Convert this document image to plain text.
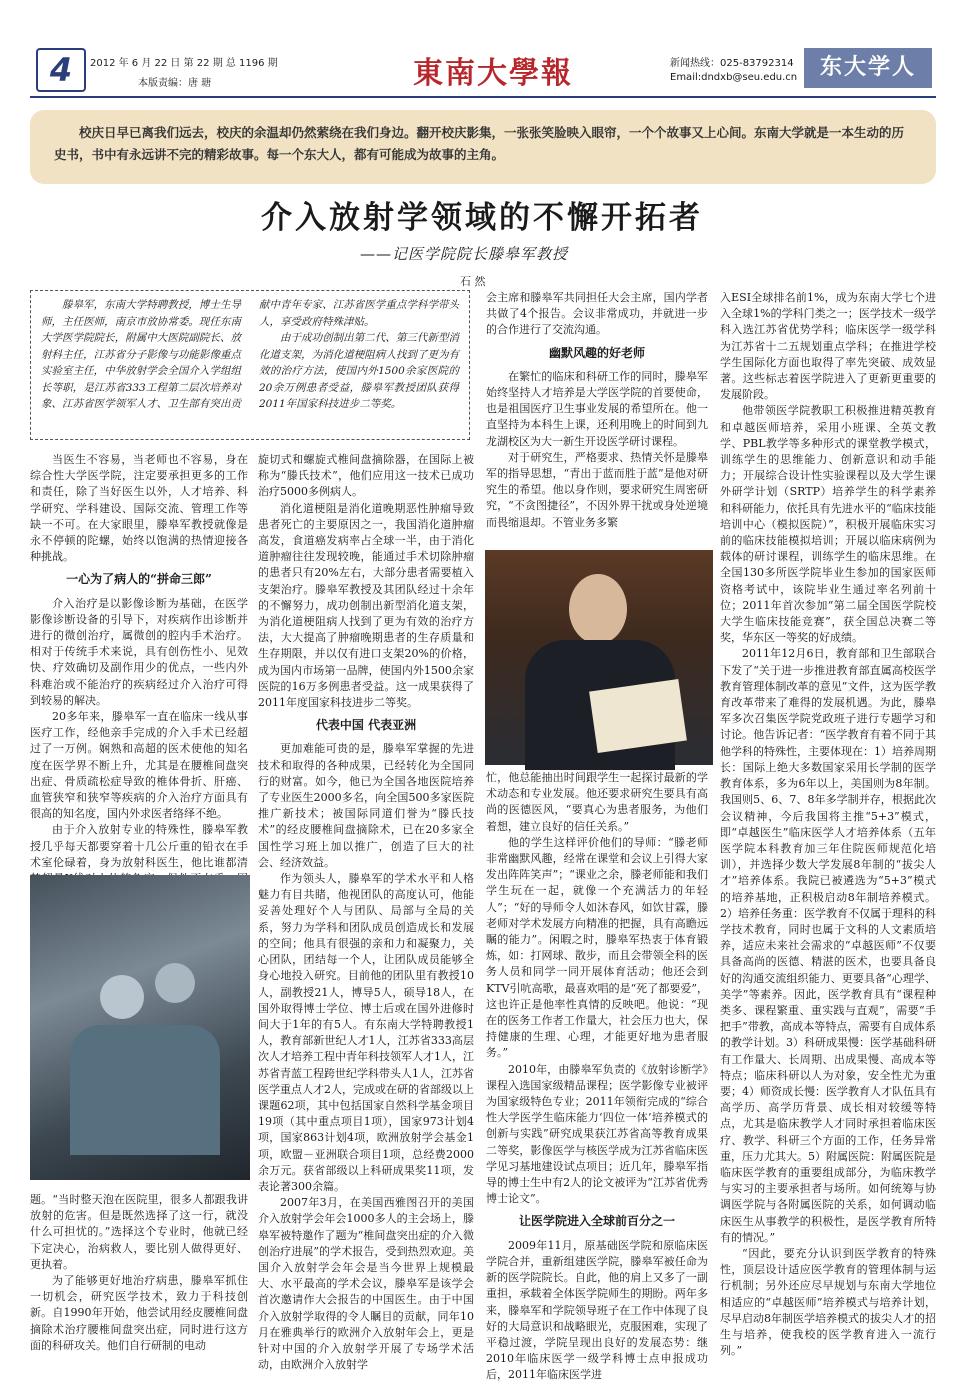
4	2012 年 6 月 22 日 第 22 期 总 1196 期
本版责编：唐 瑭	東南大學報	新闻热线：025-83792314
Email:dndxb@seu.edu.cn	东大学人
校庆日早已离我们远去，校庆的余温却仍然萦绕在我们身边。翻开校庆影集，一张张笑脸映入眼帘，一个个故事又上心间。东南大学就是一本生动的历史书，书中有永远讲不完的精彩故事。每一个东大人，都有可能成为故事的主角。
介入放射学领域的不懈开拓者
——记医学院院长滕皋军教授
石 然

滕皋军，东南大学特聘教授，博士生导师，主任医师，南京市放协常委。现任东南大学医学院院长，附属中大医院副院长、放射科主任，江苏省分子影像与功能影像重点实验室主任，中华放射学会全国介入学组组长等职，是江苏省333工程第二层次培养对象、江苏省医学领军人才、卫生部有突出贡献中青年专家、江苏省医学重点学科学带头人，享受政府特殊津贴。

由于成功创制出第二代、第三代新型消化道支架，为消化道梗阻病人找到了更为有效的治疗方法，使国内外1500余家医院的20余万例患者受益，滕皋军教授团队获得2011年国家科技进步二等奖。

当医生不容易，当老师也不容易，身在综合性大学医学院，注定要承担更多的工作和责任，除了当好医生以外，人才培养、科学研究、学科建设、国际交流、管理工作等缺一不可。在大家眼里，滕皋军教授就像是永不停顿的陀螺，始终以饱满的热情迎接各种挑战。

一心为了病人的“拼命三郎”

介入治疗是以影像诊断为基础，在医学影像诊断设备的引导下，对疾病作出诊断并进行的微创治疗，属微创的腔内手术治疗。相对于传统手术来说，具有创伤性小、见效快、疗效确切及副作用少的优点，一些内外科难治或不能治疗的疾病经过介入治疗可得到较易的解决。

20多年来，滕皋军一直在临床一线从事医疗工作，经他亲手完成的介入手术已经超过了一万例。娴熟和高超的医术使他的知名度在医学界不断上升，尤其是在腰椎间盘突出症、骨质疏松症导致的椎体骨折、肝癌、血管狭窄和狭窄等疾病的介入治疗方面具有很高的知名度，国内外求医者络绎不绝。

由于介入放射专业的特殊性，滕皋军教授几乎每天都要穿着十几公斤重的铅衣在手术室伦碌着，身为放射科医生，他比谁都清

题。“当时整天泡在医院里，很多人都跟我讲放射的危害。但是既然选择了这一行，就没什么可担忧的。”选择这个专业时，他就已经下定决心，治病救人，要比别人做得更好、更执着。

为了能够更好地治疗病患，滕皋军抓住一切机会，研究医学技术，致力于科技创新。自1990年开始，他尝试用经皮腰椎间盘摘除术治疗腰椎间盘突出症，同时进行这方面的科研攻关。他们自行研制的电动

旋切式和螺旋式椎间盘摘除器，在国际上被称为“滕氏技术”，他们应用这一技术已成功治疗5000多例病人。

消化道梗阻是消化道晚期恶性肿瘤导致患者死亡的主要原因之一，我国消化道肿瘤高发，食道癌发病率占全球一半，由于消化道肿瘤往往发现较晚，能通过手术切除肿瘤的患者只有20%左右，大部分患者需要植入支架治疗。滕皋军教授及其团队经过十余年的不懈努力，成功创制出新型消化道支架，为消化道梗阻病人找到了更为有效的治疗方法，大大提高了肿瘤晚期患者的生存质量和生存期限，并以仅有进口支架20%的价格，成为国内市场第一品牌，使国内外1500余家医院的16万多例患者受益。这一成果获得了2011年度国家科技进步二等奖。

代表中国 代表亚洲

更加难能可贵的是，滕皋军掌握的先进技术和取得的各种成果，已经转化为全国同行的财富。如今，他已为全国各地医院培养了专业医生2000多名，向全国500多家医院推广新技术；被国际同道们誉为“滕氏技术”的经皮腰椎间盘摘除术，已在20多家全国性学习班上加以推广，创造了巨大的社会、经济效益。

作为领头人，滕皋军的学术水平和人格魅力有目共睹，他视团队的高度认可，他能妥善处理好个人与团队、局部与全局的关系，努力为学科和团队成员创造成长和发展的空间；他具有很强的亲和力和凝聚力，关心团队，团结每一个人，让团队成员能够全身心地投入研究。目前他的团队里有教授10人，副教授21人，博导5人，硕导18人，在国外取得博士学位、博士后或在国外进修时间大于1年的有5人。有东南大学特聘教授1人，教育部新世纪人才1人，江苏省333高层次人才培养工程中青年科技领军人才1人，江苏省青蓝工程跨世纪学科带头人1人，江苏省医学重点人才2人，完成或在研的省部级以上课题62项，其中包括国家自然科学基金项目19项（其中重点项目1项），国家973计划4项，国家863计划4项，欧洲放射学会基金1项，欧盟－亚洲联合项目1项，总经费2000余万元。获省部级以上科研成果奖11项，发表论著300余篇。

2007年3月，在美国西雅图召开的美国介入放射学会年会1000多人的主会场上，滕皋军被特邀作了题为“椎间盘突出症的介入微创治疗进展”的学术报告，受到热烈欢迎。美国介入放射学会年会是当今世界上规模最大、水平最高的学术会议，滕皋军是该学会首次邀请作大会报告的中国医生。由于中国介入放射学取得的令人瞩目的贡献，同年10月在雅典举行的欧洲介入放射年会上，更是针对中国的介入放射学开展了专场学术活动，由欧洲介入放射学

会主席和滕皋军共同担任大会主席，国内学者共做了4个报告。会议非常成功，并就进一步的合作进行了交流沟通。

幽默风趣的好老师

在繁忙的临床和科研工作的同时，滕皋军始终坚持人才培养是大学医学院的首要使命，也是祖国医疗卫生事业发展的希望所在。他一直坚持为本科生上课，还利用晚上的时间到九龙湖校区为大一新生开设医学研讨课程。

对于研究生，严格要求、热情关怀是滕皋军的指导思想，“青出于蓝而胜于蓝”是他对研究生的希望。他以身作则，要求研究生周密研究，“不贪图捷径”，不因外界干扰或身处逆境而畏缩退却。不管业务多繁

忙，他总能抽出时间跟学生一起探讨最新的学术动态和专业发展。他还要求研究生要具有高尚的医德医风，“要真心为患者服务，为他们着想，建立良好的信任关系。”

他的学生这样评价他们的导师：“滕老师非常幽默风趣，经常在课堂和会议上引得大家发出阵阵笑声”；“课业之余，滕老师能和我们学生玩在一起，就像一个充满活力的年轻人”；“好的导师令人如沐春风，如饮甘霖，滕老师对学术发展方向精准的把握，具有高瞻远瞩的能力”。闲暇之时，滕皋军热衷于体育锻炼，如：打网球、散步，而且会带领全科的医务人员和同学一同开展体育活动；他还会到KTV引吭高歌，最喜欢唱的是“死了都要爱”，这也许正是他率性真情的反映吧。他说：“现在的医务工作者工作量大，社会压力也大，保持健康的生理、心理，才能更好地为患者服务。”

2010年，由滕皋军负责的《放射诊断学》课程入选国家级精品课程；医学影像专业被评为国家级特色专业；2011年领衔完成的“综合性大学医学生临床能力‘四位一体’培养模式的创新与实践”研究成果获江苏省高等教育成果二等奖，影像医学与核医学成为江苏省临床医学见习基地建设试点项目；近几年，滕皋军指导的博士生中有2人的论文被评为“江苏省优秀博士论文”。

让医学院进入全球前百分之一

2009年11月，原基础医学院和原临床医学院合并，重新组建医学院，滕皋军被任命为新的医学院院长。自此，他的肩上又多了一副重担，承载着全体医学院师生的期盼。两年多来，滕皋军和学院领导班子在工作中体现了良好的大局意识和战略眼光，克服困难，实现了平稳过渡，学院呈现出良好的发展态势：继2010年临床医学一级学科博士点申报成功后，2011年临床医学进

入ESI全球排名前1%，成为东南大学七个进入全球1%的学科门类之一；医学技术一级学科入选江苏省优势学科；临床医学一级学科为江苏省十二五规划重点学科；在推进学校学生国际化方面也取得了率先突破、成效显著。这些标志着医学院进入了更新更重要的发展阶段。

他带领医学院教职工积极推进精英教育和卓越医师培养，采用小班课、全英文教学、PBL教学等多种形式的课堂教学模式，训练学生的思维能力、创新意识和动手能力；开展综合设计性实验课程以及大学生课外研学计划（SRTP）培养学生的科学素养和科研能力，依托具有先进水平的“临床技能培训中心（模拟医院）”，积极开展临床实习前的临床技能模拟培训；开展以临床病例为载体的研讨课程，训练学生的临床思维。在全国130多所医学院毕业生参加的国家医师资格考试中，该院毕业生通过率名列前十位；2011年首次参加“第二届全国医学院校大学生临床技能竞赛”，获全国总决赛二等奖，华东区一等奖的好成绩。

2011年12月6日，教育部和卫生部联合下发了“关于进一步推进教育部直属高校医学教育管理体制改革的意见”文件，这为医学教育改革带来了难得的发展机遇。为此，滕皋军多次召集医学院党政班子进行专题学习和讨论。他告诉记者：“医学教育有着不同于其他学科的特殊性，主要体现在：1）培养周期长：国际上绝大多数国家采用长学制的医学教育体系，多为6年以上，美国则为8年制。我国则5、6、7、8年多学制并存，根据此次会议精神，今后我国将主推“5+3”模式，即“卓越医生”临床医学人才培养体系（五年医学院本科教育加三年住院医师规范化培训），并选择少数大学发展8年制的“拔尖人才”培养体系。我院已被遴选为“5+3”模式的培养基地，正积极启动8年制培养模式。2）培养任务重：医学教育不仅属于理科的科学技术教育，同时也属于文科的人文素质培养，适应未来社会需求的“卓越医师”不仅要具备高尚的医德、精湛的医术，也要具备良好的沟通交流组织能力、更要具备“心理学、美学”等素养。因此，医学教育具有“课程种类多、课程繁重、重实践与直观”，需要“手把手”带教，高成本等特点，需要有自成体系的教学计划。3）科研成果慢：医学基础科研有工作量大、长周期、出成果慢、高成本等特点；临床科研以人为对象，安全性尤为重要；4）师资成长慢：医学教育人才队伍具有高学历、高学历背景、成长相对较缓等特点，尤其是临床教学人才同时承担着临床医疗、教学、科研三个方面的工作，任务异常重，压力尤其大。5）附属医院：附属医院是临床医学教育的重要组成部分，为临床教学与实习的主要承担者与场所。如何统筹与协调医学院与各附属医院的关系，如何调动临床医生从事教学的积极性，是医学教育所特有的情况。”

“因此，要充分认识到医学教育的特殊性，顶层设计适应医学教育的管理体制与运行机制；另外还应尽早规划与东南大学地位相适应的“卓越医师”培养模式与培养计划，尽早启动8年制医学培养模式的拔尖人才的招生与培养，使我校的医学教育进入一流行列。”
